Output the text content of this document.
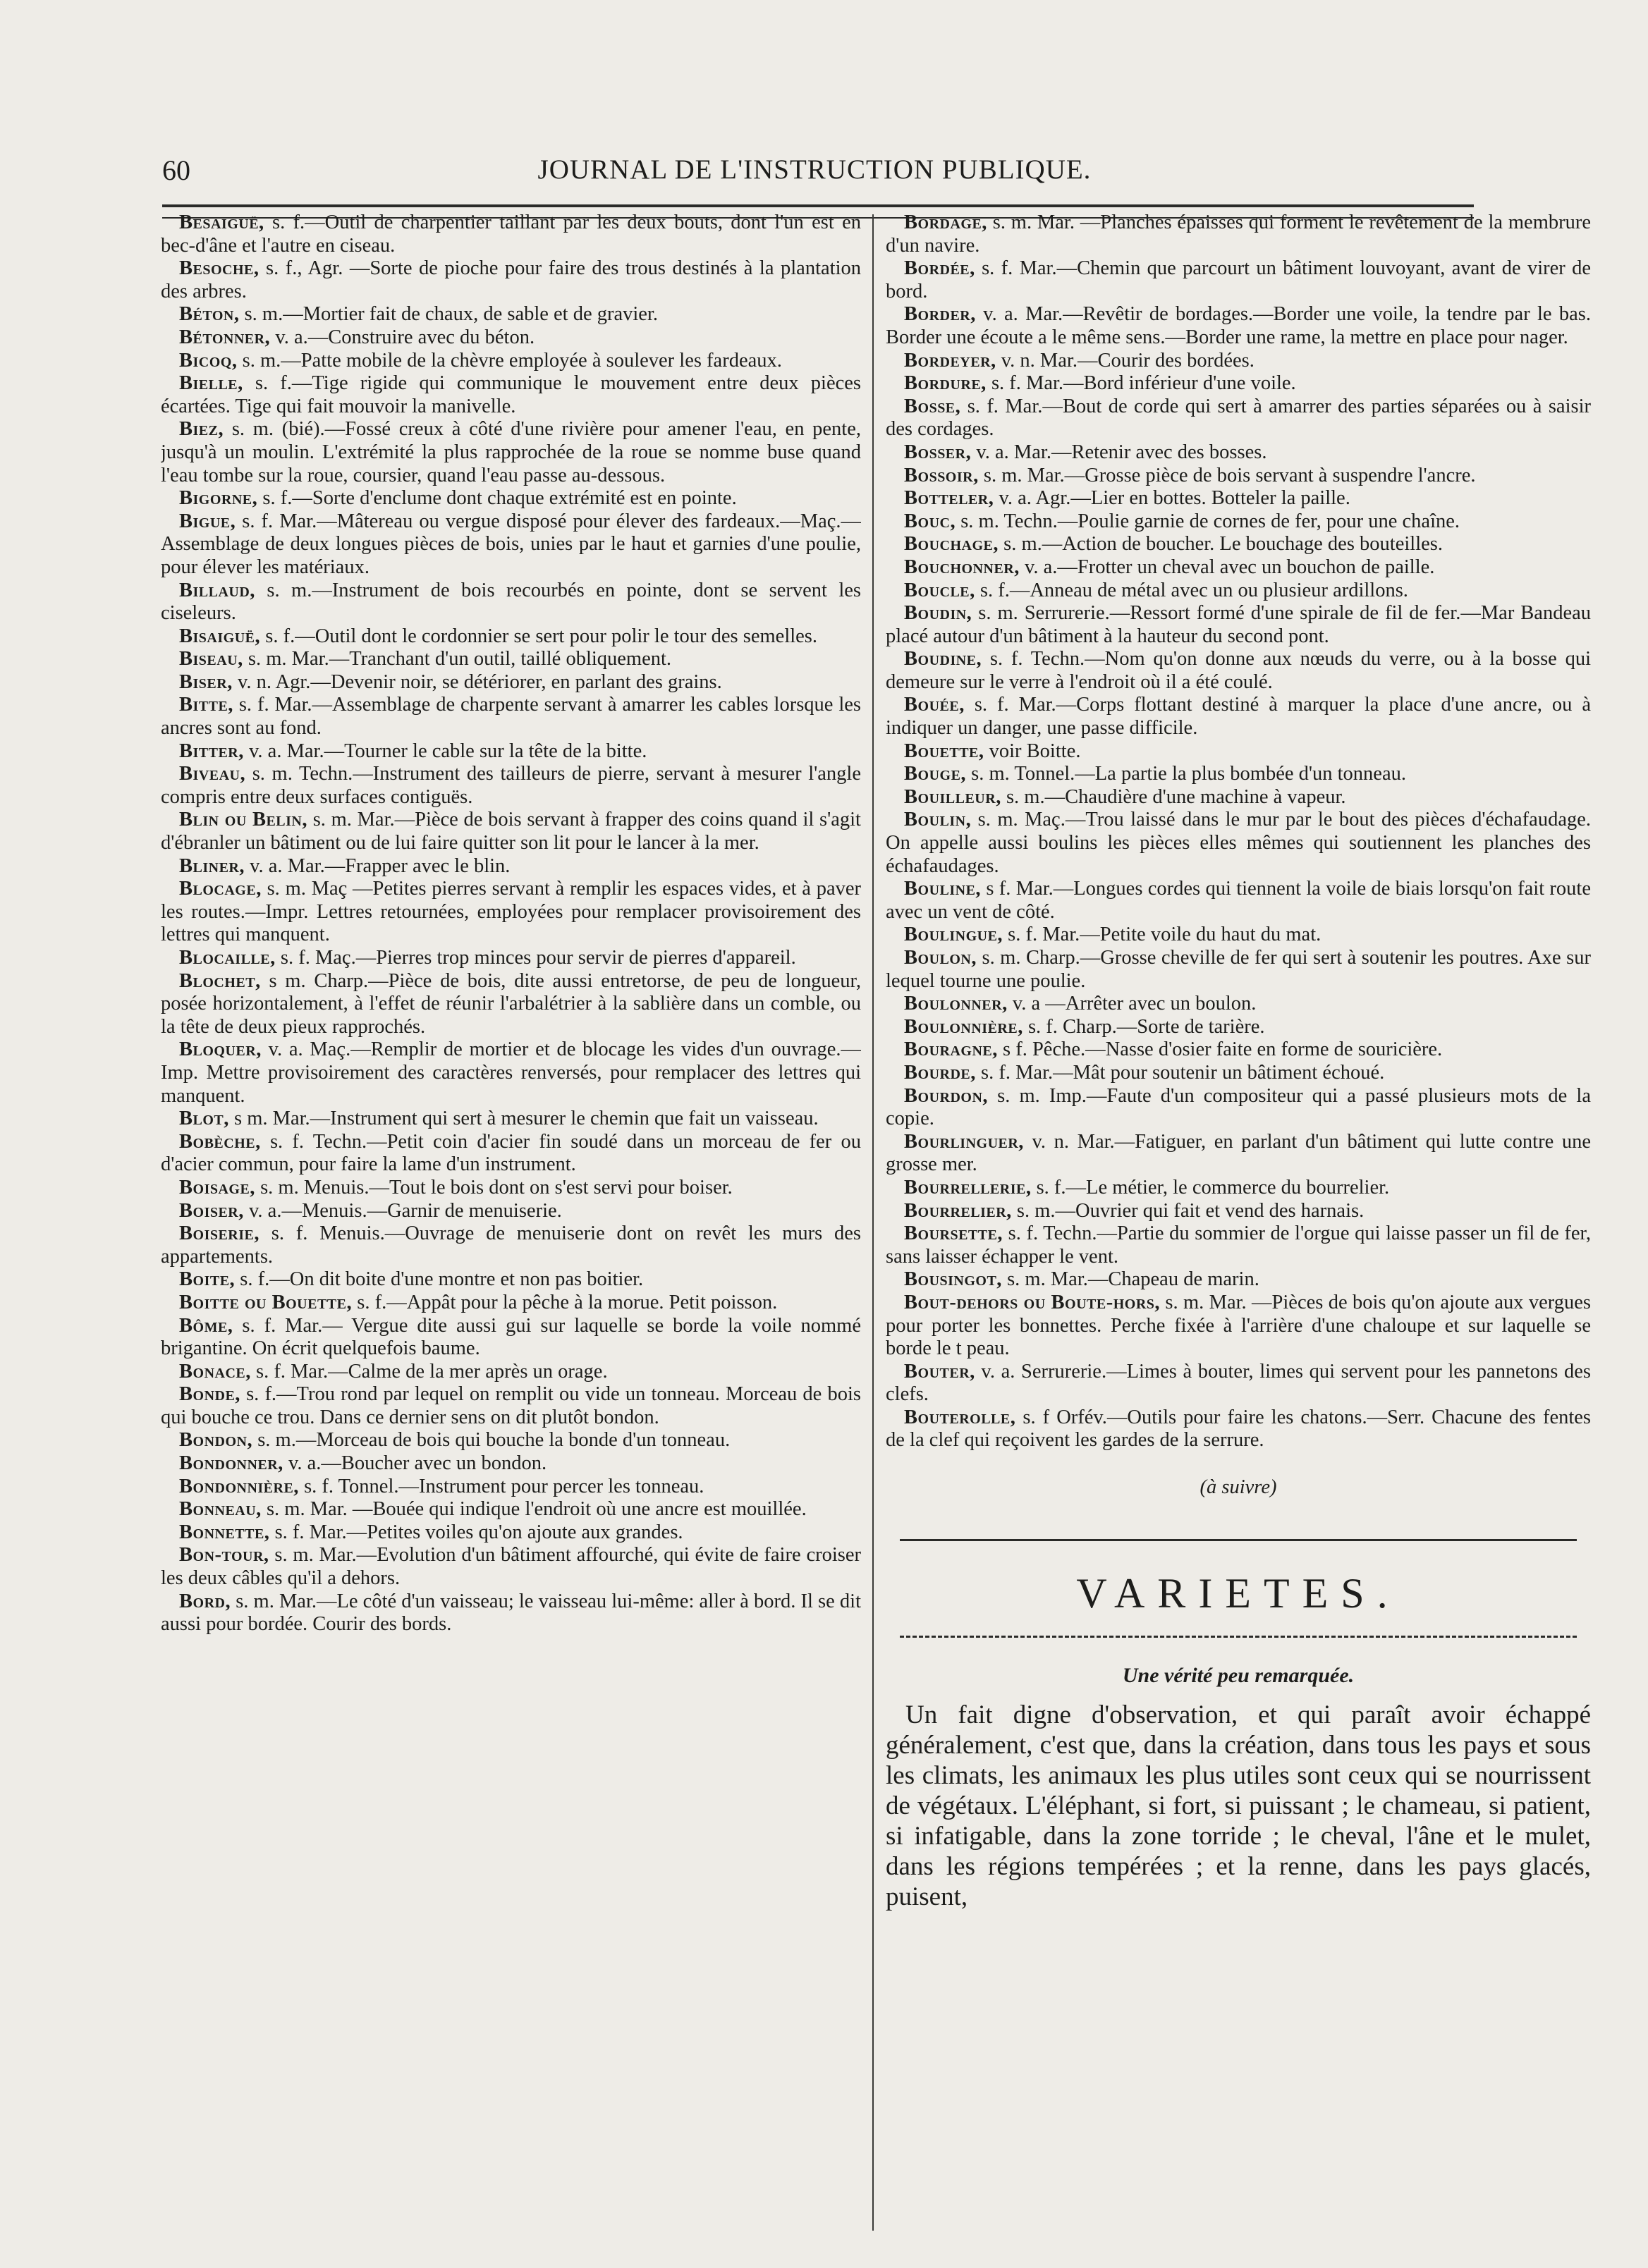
60	JOURNAL DE L'INSTRUCTION PUBLIQUE.

Besaiguë, s. f.—Outil de charpentier taillant par les deux bouts, dont l'un est en bec-d'âne et l'autre en ciseau.

Besoche, s. f., Agr. —Sorte de pioche pour faire des trous destinés à la plantation des arbres.

Béton, s. m.—Mortier fait de chaux, de sable et de gravier.

Bétonner, v. a.—Construire avec du béton.

Bicoq, s. m.—Patte mobile de la chèvre employée à soulever les fardeaux.

Bielle, s. f.—Tige rigide qui communique le mouvement entre deux pièces écartées. Tige qui fait mouvoir la manivelle.

Biez, s. m. (bié).—Fossé creux à côté d'une rivière pour amener l'eau, en pente, jusqu'à un moulin. L'extrémité la plus rapprochée de la roue se nomme buse quand l'eau tombe sur la roue, coursier, quand l'eau passe au-dessous.

Bigorne, s. f.—Sorte d'enclume dont chaque extrémité est en pointe.

Bigue, s. f. Mar.—Mâtereau ou vergue disposé pour élever des fardeaux.—Maç.—Assemblage de deux longues pièces de bois, unies par le haut et garnies d'une poulie, pour élever les matériaux.

Billaud, s. m.—Instrument de bois recourbés en pointe, dont se servent les ciseleurs.

Bisaiguë, s. f.—Outil dont le cordonnier se sert pour polir le tour des semelles.

Biseau, s. m. Mar.—Tranchant d'un outil, taillé obliquement.

Biser, v. n. Agr.—Devenir noir, se détériorer, en parlant des grains.

Bitte, s. f. Mar.—Assemblage de charpente servant à amarrer les cables lorsque les ancres sont au fond.

Bitter, v. a. Mar.—Tourner le cable sur la tête de la bitte.

Biveau, s. m. Techn.—Instrument des tailleurs de pierre, servant à mesurer l'angle compris entre deux surfaces contiguës.

Blin ou Belin, s. m. Mar.—Pièce de bois servant à frapper des coins quand il s'agit d'ébranler un bâtiment ou de lui faire quitter son lit pour le lancer à la mer.

Bliner, v. a. Mar.—Frapper avec le blin.

Blocage, s. m. Maç —Petites pierres servant à remplir les espaces vides, et à paver les routes.—Impr. Lettres retournées, employées pour remplacer provisoirement des lettres qui manquent.

Blocaille, s. f. Maç.—Pierres trop minces pour servir de pierres d'appareil.

Blochet, s m. Charp.—Pièce de bois, dite aussi entretorse, de peu de longueur, posée horizontalement, à l'effet de réunir l'arbalétrier à la sablière dans un comble, ou la tête de deux pieux rapprochés.

Bloquer, v. a. Maç.—Remplir de mortier et de blocage les vides d'un ouvrage.—Imp. Mettre provisoirement des caractères renversés, pour remplacer des lettres qui manquent.

Blot, s m. Mar.—Instrument qui sert à mesurer le chemin que fait un vaisseau.

Bobèche, s. f. Techn.—Petit coin d'acier fin soudé dans un morceau de fer ou d'acier commun, pour faire la lame d'un instrument.

Boisage, s. m. Menuis.—Tout le bois dont on s'est servi pour boiser.

Boiser, v. a.—Menuis.—Garnir de menuiserie.

Boiserie, s. f. Menuis.—Ouvrage de menuiserie dont on revêt les murs des appartements.

Boite, s. f.—On dit boite d'une montre et non pas boitier.

Boitte ou Bouette, s. f.—Appât pour la pêche à la morue. Petit poisson.

Bôme, s. f. Mar.— Vergue dite aussi gui sur laquelle se borde la voile nommé brigantine. On écrit quelquefois baume.

Bonace, s. f. Mar.—Calme de la mer après un orage.

Bonde, s. f.—Trou rond par lequel on remplit ou vide un tonneau. Morceau de bois qui bouche ce trou. Dans ce dernier sens on dit plutôt bondon.

Bondon, s. m.—Morceau de bois qui bouche la bonde d'un tonneau.

Bondonner, v. a.—Boucher avec un bondon.

Bondonnière, s. f. Tonnel.—Instrument pour percer les tonneau.

Bonneau, s. m. Mar. —Bouée qui indique l'endroit où une ancre est mouillée.

Bonnette, s. f. Mar.—Petites voiles qu'on ajoute aux grandes.

Bon-tour, s. m. Mar.—Evolution d'un bâtiment affourché, qui évite de faire croiser les deux câbles qu'il a dehors.

Bord, s. m. Mar.—Le côté d'un vaisseau; le vaisseau lui-même: aller à bord. Il se dit aussi pour bordée. Courir des bords.

Bordage, s. m. Mar. —Planches épaisses qui forment le revêtement de la membrure d'un navire.

Bordée, s. f. Mar.—Chemin que parcourt un bâtiment louvoyant, avant de virer de bord.

Border, v. a. Mar.—Revêtir de bordages.—Border une voile, la tendre par le bas. Border une écoute a le même sens.—Border une rame, la mettre en place pour nager.

Bordeyer, v. n. Mar.—Courir des bordées.

Bordure, s. f. Mar.—Bord inférieur d'une voile.

Bosse, s. f. Mar.—Bout de corde qui sert à amarrer des parties séparées ou à saisir des cordages.

Bosser, v. a. Mar.—Retenir avec des bosses.

Bossoir, s. m. Mar.—Grosse pièce de bois servant à suspendre l'ancre.

Botteler, v. a. Agr.—Lier en bottes. Botteler la paille.

Bouc, s. m. Techn.—Poulie garnie de cornes de fer, pour une chaîne.

Bouchage, s. m.—Action de boucher. Le bouchage des bouteilles.

Bouchonner, v. a.—Frotter un cheval avec un bouchon de paille.

Boucle, s. f.—Anneau de métal avec un ou plusieur ardillons.

Boudin, s. m. Serrurerie.—Ressort formé d'une spirale de fil de fer.—Mar Bandeau placé autour d'un bâtiment à la hauteur du second pont.

Boudine, s. f. Techn.—Nom qu'on donne aux nœuds du verre, ou à la bosse qui demeure sur le verre à l'endroit où il a été coulé.

Bouée, s. f. Mar.—Corps flottant destiné à marquer la place d'une ancre, ou à indiquer un danger, une passe difficile.

Bouette, voir Boitte.

Bouge, s. m. Tonnel.—La partie la plus bombée d'un tonneau.

Bouilleur, s. m.—Chaudière d'une machine à vapeur.

Boulin, s. m. Maç.—Trou laissé dans le mur par le bout des pièces d'échafaudage. On appelle aussi boulins les pièces elles mêmes qui soutiennent les planches des échafaudages.

Bouline, s f. Mar.—Longues cordes qui tiennent la voile de biais lorsqu'on fait route avec un vent de côté.

Boulingue, s. f. Mar.—Petite voile du haut du mat.

Boulon, s. m. Charp.—Grosse cheville de fer qui sert à soutenir les poutres. Axe sur lequel tourne une poulie.

Boulonner, v. a —Arrêter avec un boulon.

Boulonnière, s. f. Charp.—Sorte de tarière.

Bouragne, s f. Pêche.—Nasse d'osier faite en forme de souricière.

Bourde, s. f. Mar.—Mât pour soutenir un bâtiment échoué.

Bourdon, s. m. Imp.—Faute d'un compositeur qui a passé plusieurs mots de la copie.

Bourlinguer, v. n. Mar.—Fatiguer, en parlant d'un bâtiment qui lutte contre une grosse mer.

Bourrellerie, s. f.—Le métier, le commerce du bourrelier.

Bourrelier, s. m.—Ouvrier qui fait et vend des harnais.

Boursette, s. f. Techn.—Partie du sommier de l'orgue qui laisse passer un fil de fer, sans laisser échapper le vent.

Bousingot, s. m. Mar.—Chapeau de marin.

Bout-dehors ou Boute-hors, s. m. Mar. —Pièces de bois qu'on ajoute aux vergues pour porter les bonnettes. Perche fixée à l'arrière d'une chaloupe et sur laquelle se borde le t peau.

Bouter, v. a. Serrurerie.—Limes à bouter, limes qui servent pour les pannetons des clefs.

Bouterolle, s. f Orfév.—Outils pour faire les chatons.—Serr. Chacune des fentes de la clef qui reçoivent les gardes de la serrure.

(à suivre)
VARIETES.
Une vérité peu remarquée.

Un fait digne d'observation, et qui paraît avoir échappé généralement, c'est que, dans la création, dans tous les pays et sous les climats, les animaux les plus utiles sont ceux qui se nourrissent de végétaux. L'éléphant, si fort, si puissant ; le chameau, si patient, si infatigable, dans la zone torride ; le cheval, l'âne et le mulet, dans les régions tempérées ; et la renne, dans les pays glacés, puisent,
